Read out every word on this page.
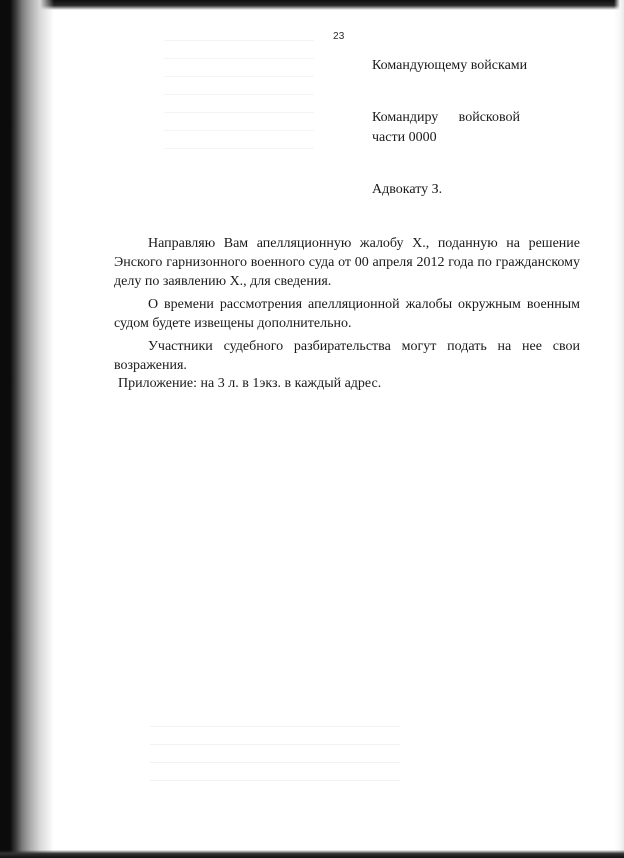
23
Командующему войсками
Командиру войсковой
части 0000
Адвокату З.

Направляю Вам апелляционную жалобу Х., поданную на решение Энского гарнизонного военного суда от 00 апреля 2012 года по гражданскому делу по заявлению Х., для сведения.

О времени рассмотрения апелляционной жалобы окружным военным судом будете извещены дополнительно.

Участники судебного разбирательства могут подать на нее свои возражения.

Приложение: на 3 л. в 1экз. в каждый адрес.
